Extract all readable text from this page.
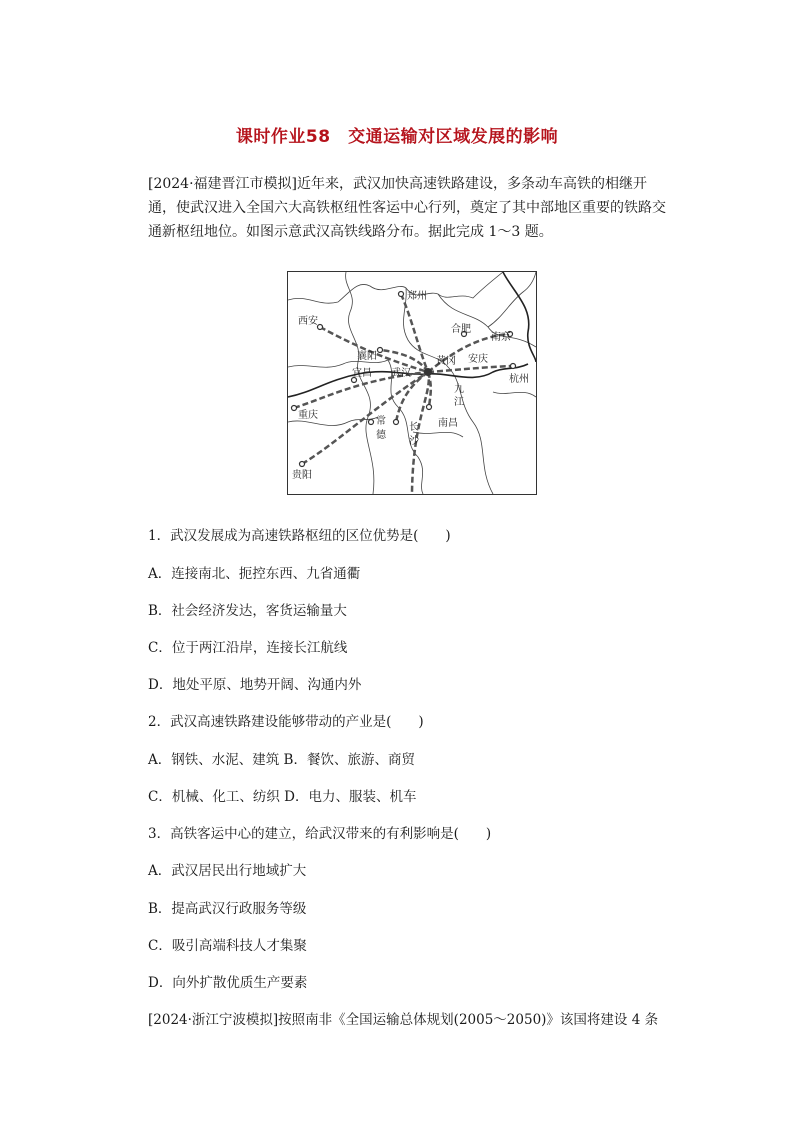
课时作业58　交通运输对区域发展的影响
[2024·福建晋江市模拟]近年来，武汉加快高速铁路建设，多条动车高铁的相继开通，使武汉进入全国六大高铁枢纽性客运中心行列，奠定了其中部地区重要的铁路交通新枢纽地位。如图示意武汉高铁线路分布。据此完成 1～3 题。
郑州
西安
合肥
南京
襄阳	黄冈 安庆
宜昌 武汉
杭州
九
江
重庆
常
德
南昌
长
沙
贵阳
1．武汉发展成为高速铁路枢纽的区位优势是(　　)
A．连接南北、扼控东西、九省通衢
B．社会经济发达，客货运输量大
C．位于两江沿岸，连接长江航线
D．地处平原、地势开阔、沟通内外
2．武汉高速铁路建设能够带动的产业是(　　)
A．钢铁、水泥、建筑 B．餐饮、旅游、商贸
C．机械、化工、纺织 D．电力、服装、机车
3．高铁客运中心的建立，给武汉带来的有利影响是(　　)
A．武汉居民出行地域扩大
B．提高武汉行政服务等级
C．吸引高端科技人才集聚
D．向外扩散优质生产要素
[2024·浙江宁波模拟]按照南非《全国运输总体规划(2005～2050)》该国将建设 4 条
